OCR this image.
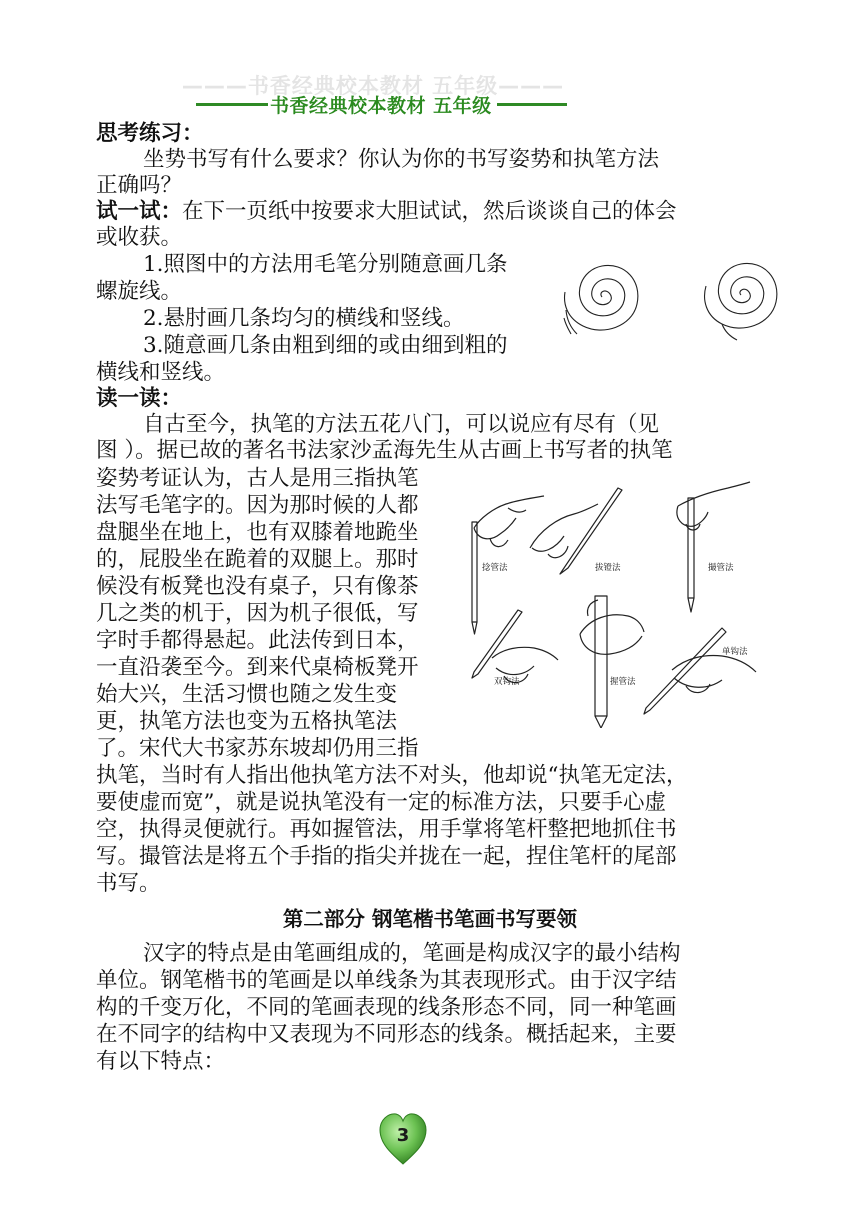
———书香经典校本教材 五年级———
书香经典校本教材 五年级
思考练习：
坐势书写有什么要求？你认为你的书写姿势和执笔方法
正确吗？
试一试：在下一页纸中按要求大胆试试，然后谈谈自己的体会
或收获。
1.照图中的方法用毛笔分别随意画几条
螺旋线。
2.悬肘画几条均匀的横线和竖线。
3.随意画几条由粗到细的或由细到粗的
横线和竖线。
读一读：
自古至今，执笔的方法五花八门，可以说应有尽有（见
图 ）。据已故的著名书法家沙孟海先生从古画上书写者的执笔
姿势考证认为，古人是用三指执笔
法写毛笔字的。因为那时候的人都
盘腿坐在地上，也有双膝着地跪坐
的，屁股坐在跪着的双腿上。那时
候没有板凳也没有桌子，只有像茶
几之类的机于，因为机子很低，写
字时手都得悬起。此法传到日本，
一直沿袭至今。到来代桌椅板凳开
始大兴，生活习惯也随之发生变
更，执笔方法也变为五格执笔法
了。宋代大书家苏东坡却仍用三指
执笔，当时有人指出他执笔方法不对头，他却说“执笔无定法，
要使虚而宽”，就是说执笔没有一定的标准方法，只要手心虚
空，执得灵便就行。再如握管法，用手掌将笔杆整把地抓住书
写。撮管法是将五个手指的指尖并拢在一起，捏住笔杆的尾部
书写。
捻管法	拔镫法	撮管法
双钩法	握管法
单钩法
第二部分 钢笔楷书笔画书写要领
汉字的特点是由笔画组成的，笔画是构成汉字的最小结构
单位。钢笔楷书的笔画是以单线条为其表现形式。由于汉字结
构的千变万化，不同的笔画表现的线条形态不同，同一种笔画
在不同字的结构中又表现为不同形态的线条。概括起来，主要
有以下特点：
3
